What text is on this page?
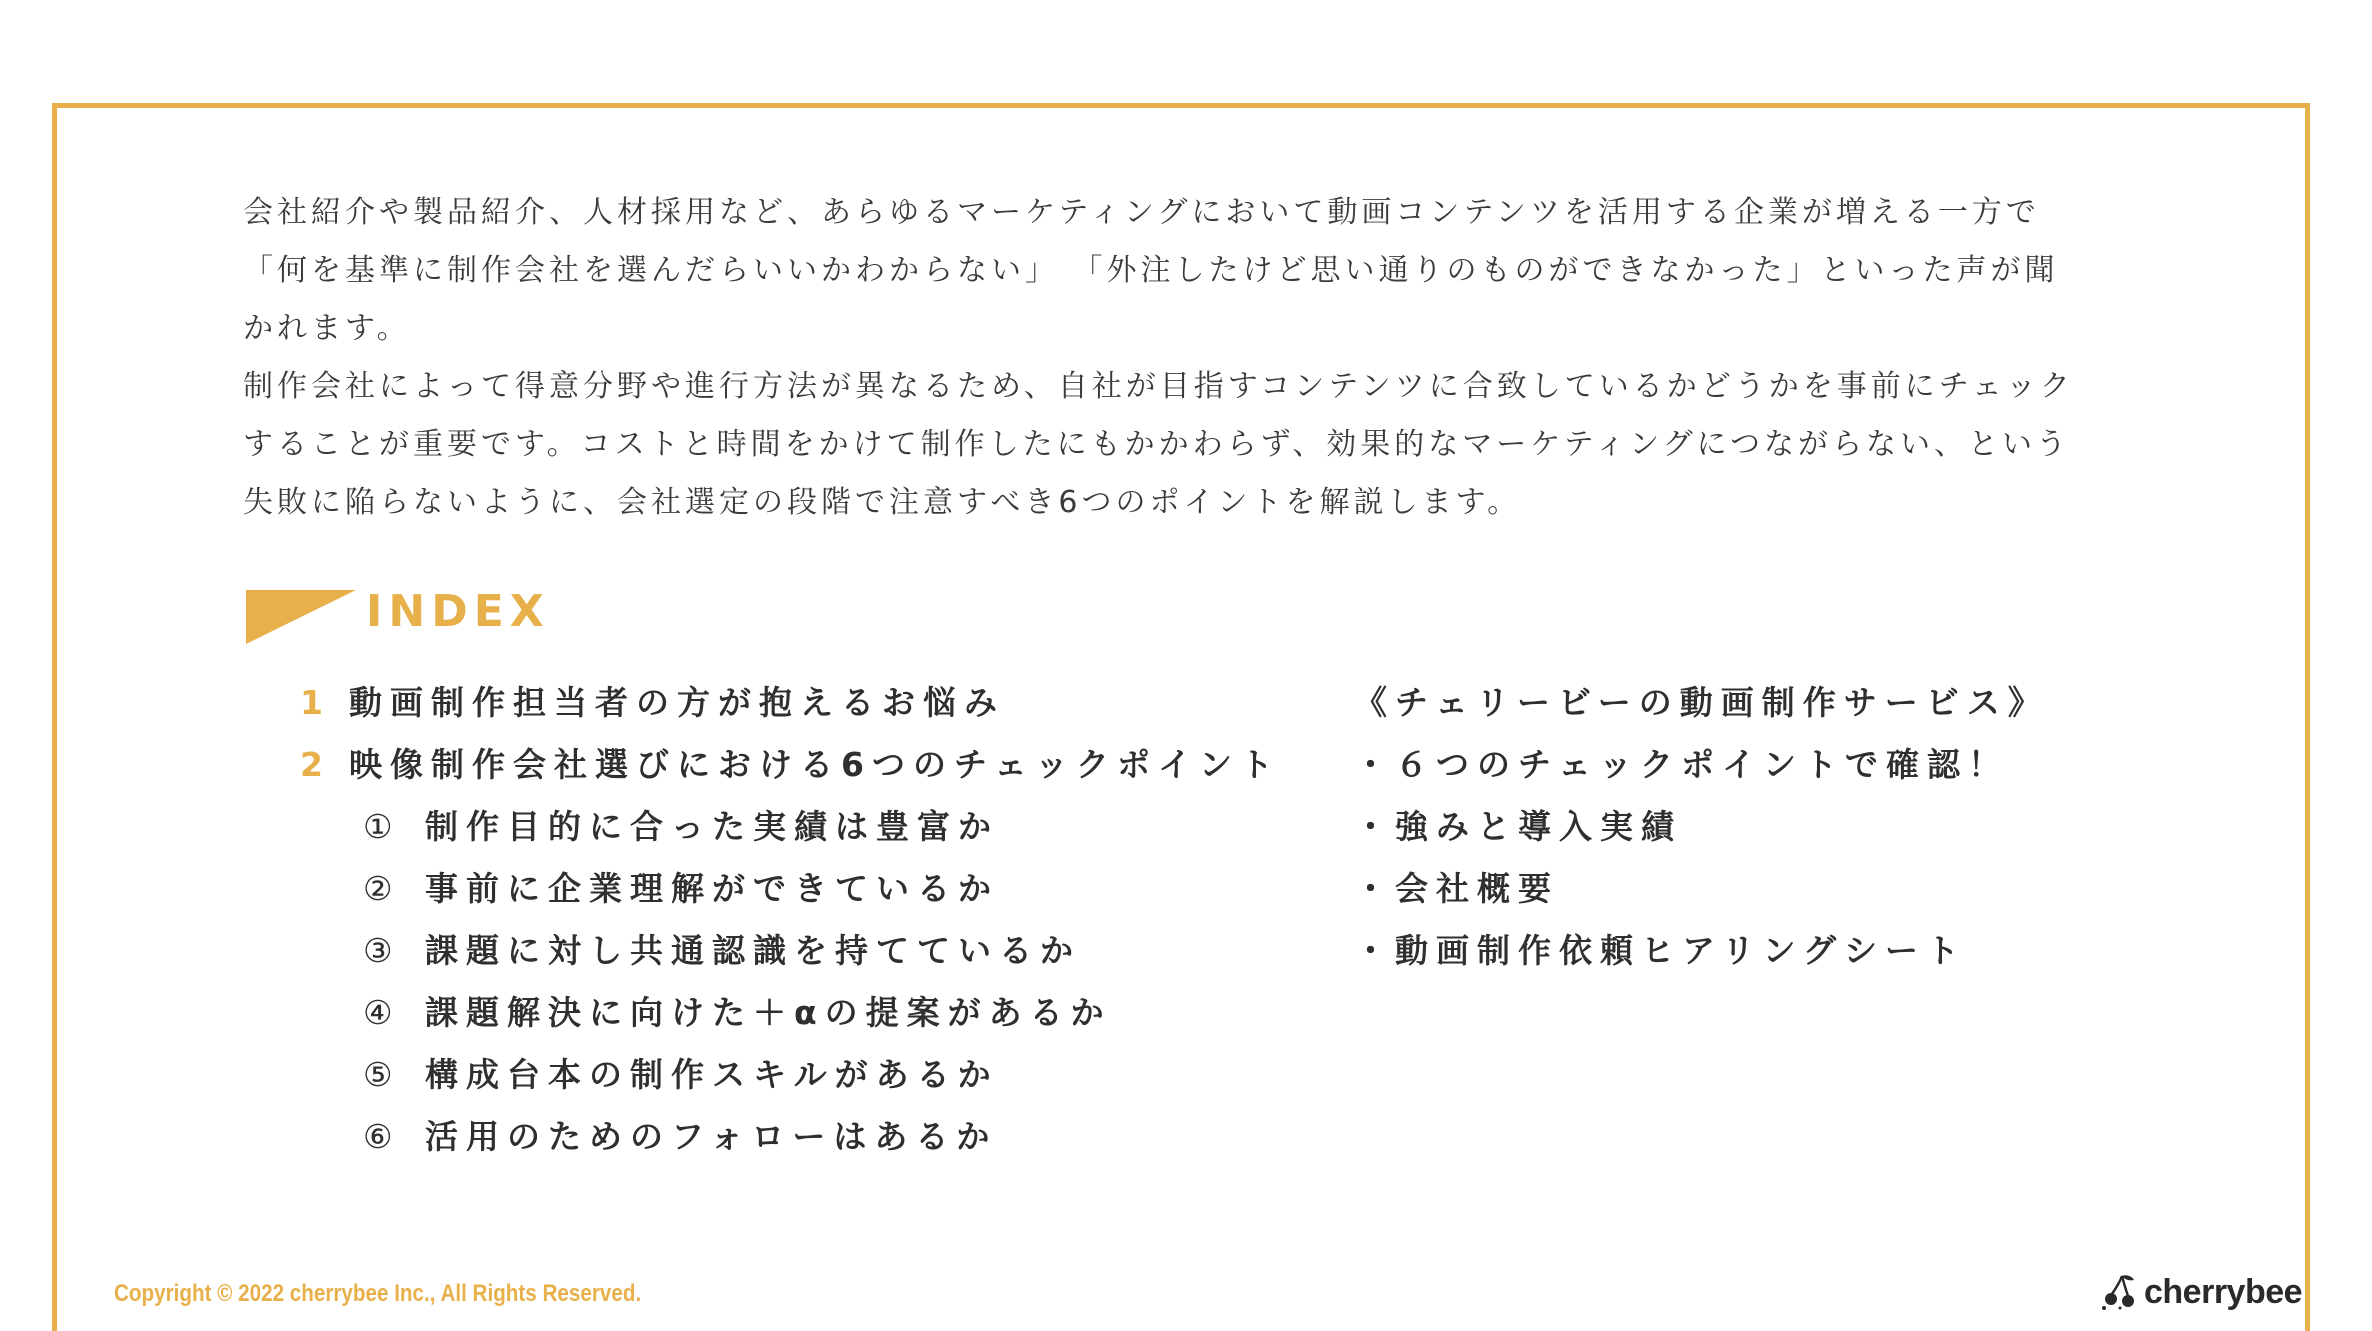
会社紹介や製品紹介、人材採用など、あらゆるマーケティングにおいて動画コンテンツを活用する企業が増える一方で

「何を基準に制作会社を選んだらいいかわからない」 「外注したけど思い通りのものができなかった」といった声が聞

かれます。

制作会社によって得意分野や進行方法が異なるため、自社が目指すコンテンツに合致しているかどうかを事前にチェック

することが重要です。コストと時間をかけて制作したにもかかわらず、効果的なマーケティングにつながらない、という

失敗に陥らないように、会社選定の段階で注意すべき6つのポイントを解説します。

INDEX
1 動画制作担当者の方が抱えるお悩み
2 映像制作会社選びにおける6つのチェックポイント
① 制作目的に合った実績は豊富か
② 事前に企業理解ができているか
③ 課題に対し共通認識を持てているか
④ 課題解決に向けた＋αの提案があるか
⑤ 構成台本の制作スキルがあるか
⑥ 活用のためのフォローはあるか
《チェリービーの動画制作サービス》
・６つのチェックポイントで確認！
・強みと導入実績
・会社概要
・動画制作依頼ヒアリングシート
Copyright © 2022 cherrybee Inc., All Rights Reserved.	cherrybee
